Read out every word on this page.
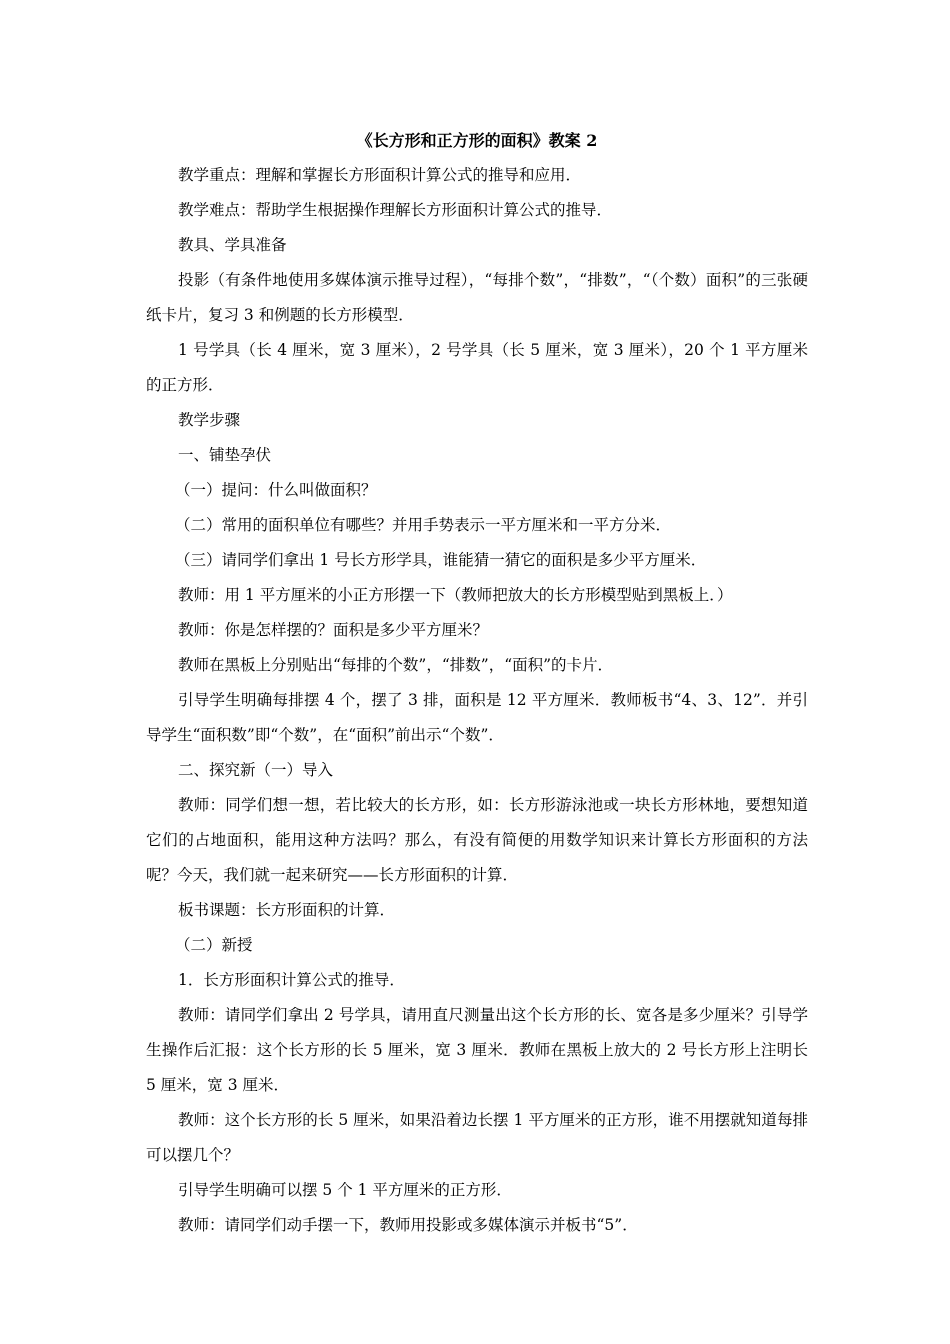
《长方形和正方形的面积》教案 2

教学重点：理解和掌握长方形面积计算公式的推导和应用．

教学难点：帮助学生根据操作理解长方形面积计算公式的推导．

教具、学具准备

投影（有条件地使用多媒体演示推导过程），“每排个数”，“排数”，“（个数）面积”的三张硬纸卡片，复习 3 和例题的长方形模型．

1 号学具（长 4 厘米，宽 3 厘米），2 号学具（长 5 厘米，宽 3 厘米），20 个 1 平方厘米的正方形．

教学步骤

一、铺垫孕伏

（一）提问：什么叫做面积？

（二）常用的面积单位有哪些？并用手势表示一平方厘米和一平方分米．

（三）请同学们拿出 1 号长方形学具，谁能猜一猜它的面积是多少平方厘米．

教师：用 1 平方厘米的小正方形摆一下（教师把放大的长方形模型贴到黑板上．）

教师：你是怎样摆的？面积是多少平方厘米？

教师在黑板上分别贴出“每排的个数”，“排数”，“面积”的卡片．

引导学生明确每排摆 4 个，摆了 3 排，面积是 12 平方厘米．教师板书“4、3、12”．并引导学生“面积数”即“个数”，在“面积”前出示“个数”．

二、探究新（一）导入

教师：同学们想一想，若比较大的长方形，如：长方形游泳池或一块长方形林地，要想知道它们的占地面积，能用这种方法吗？那么，有没有简便的用数学知识来计算长方形面积的方法呢？今天，我们就一起来研究——长方形面积的计算．

板书课题：长方形面积的计算．

（二）新授

1．长方形面积计算公式的推导．

教师：请同学们拿出 2 号学具，请用直尺测量出这个长方形的长、宽各是多少厘米？引导学生操作后汇报：这个长方形的长 5 厘米，宽 3 厘米．教师在黑板上放大的 2 号长方形上注明长 5 厘米，宽 3 厘米．

教师：这个长方形的长 5 厘米，如果沿着边长摆 1 平方厘米的正方形，谁不用摆就知道每排可以摆几个？

引导学生明确可以摆 5 个 1 平方厘米的正方形．

教师：请同学们动手摆一下，教师用投影或多媒体演示并板书“5”．
